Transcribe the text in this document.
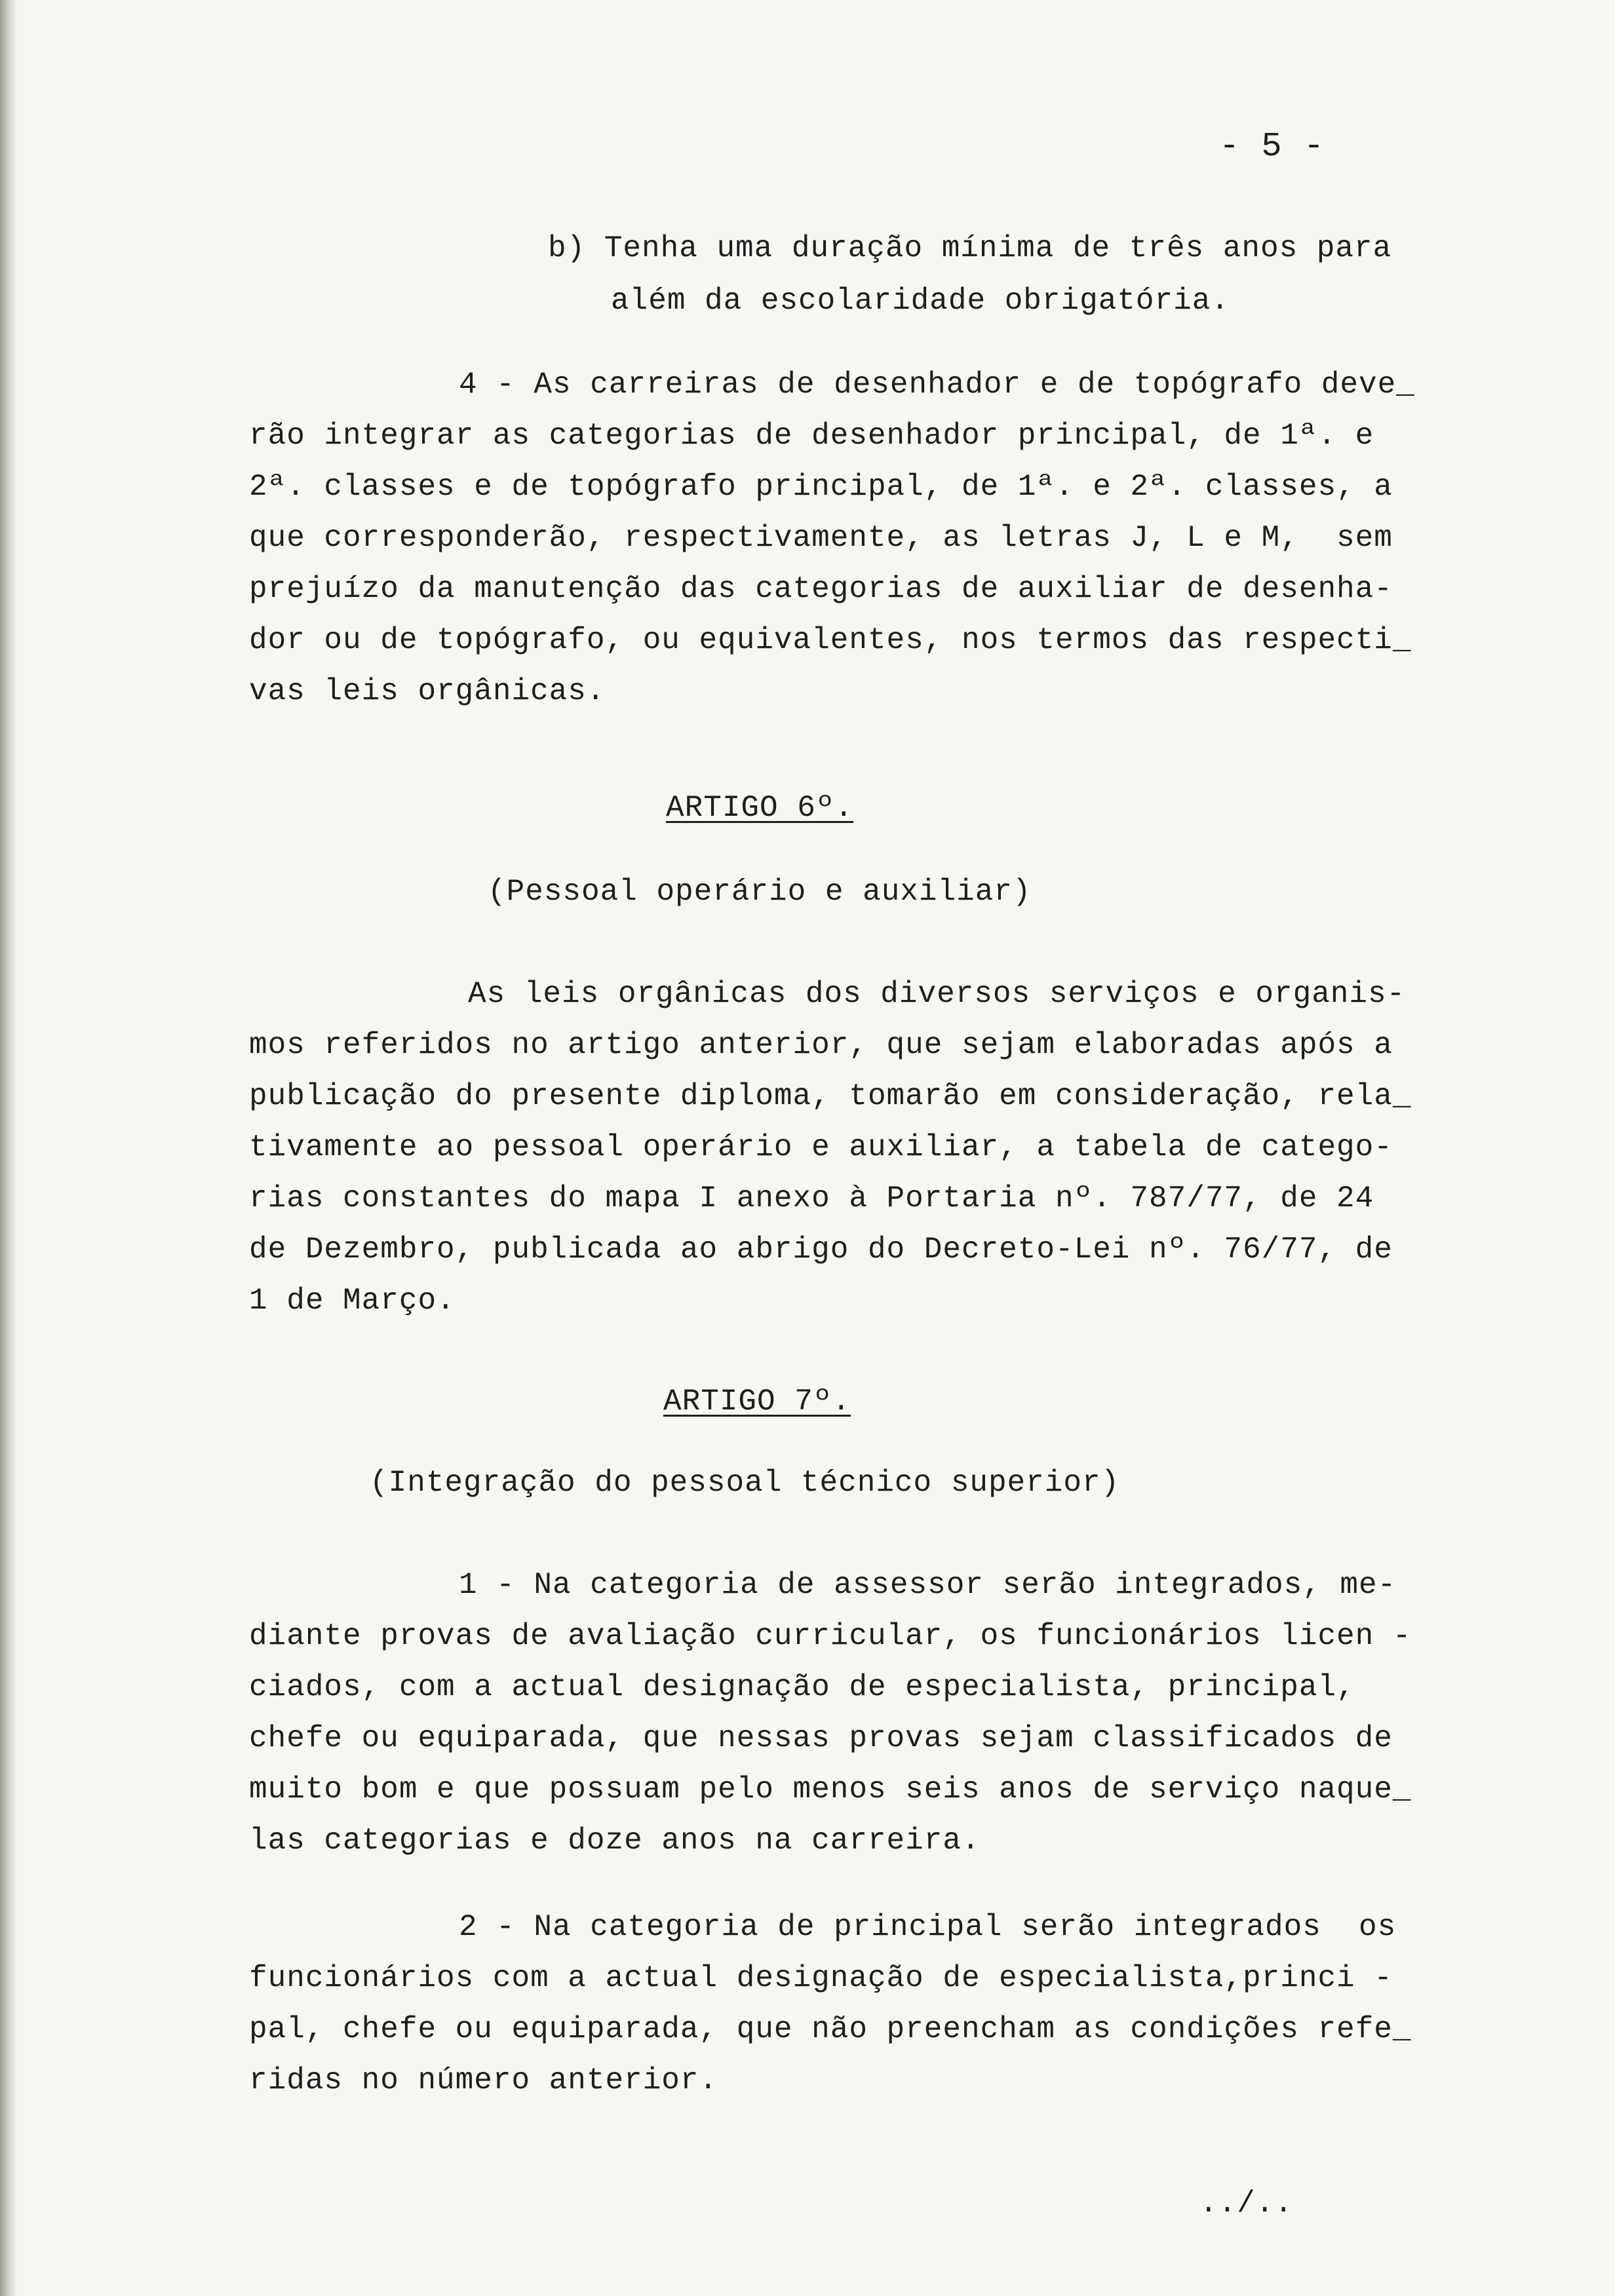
- 5 -
b) Tenha uma duração mínima de três anos para
além da escolaridade obrigatória.
4 - As carreiras de desenhador e de topógrafo deve_
rão integrar as categorias de desenhador principal, de 1ª. e
2ª. classes e de topógrafo principal, de 1ª. e 2ª. classes, a
que corresponderão, respectivamente, as letras J, L e M,  sem
prejuízo da manutenção das categorias de auxiliar de desenha-
dor ou de topógrafo, ou equivalentes, nos termos das respecti_
vas leis orgânicas.
ARTIGO 6º.
(Pessoal operário e auxiliar)
As leis orgânicas dos diversos serviços e organis-
mos referidos no artigo anterior, que sejam elaboradas após a
publicação do presente diploma, tomarão em consideração, rela_
tivamente ao pessoal operário e auxiliar, a tabela de catego-
rias constantes do mapa I anexo à Portaria nº. 787/77, de 24
de Dezembro, publicada ao abrigo do Decreto-Lei nº. 76/77, de
1 de Março.
ARTIGO 7º.
(Integração do pessoal técnico superior)
1 - Na categoria de assessor serão integrados, me-
diante provas de avaliação curricular, os funcionários licen -
ciados, com a actual designação de especialista, principal,
chefe ou equiparada, que nessas provas sejam classificados de
muito bom e que possuam pelo menos seis anos de serviço naque_
las categorias e doze anos na carreira.
2 - Na categoria de principal serão integrados  os
funcionários com a actual designação de especialista,princi -
pal, chefe ou equiparada, que não preencham as condições refe_
ridas no número anterior.
../..
